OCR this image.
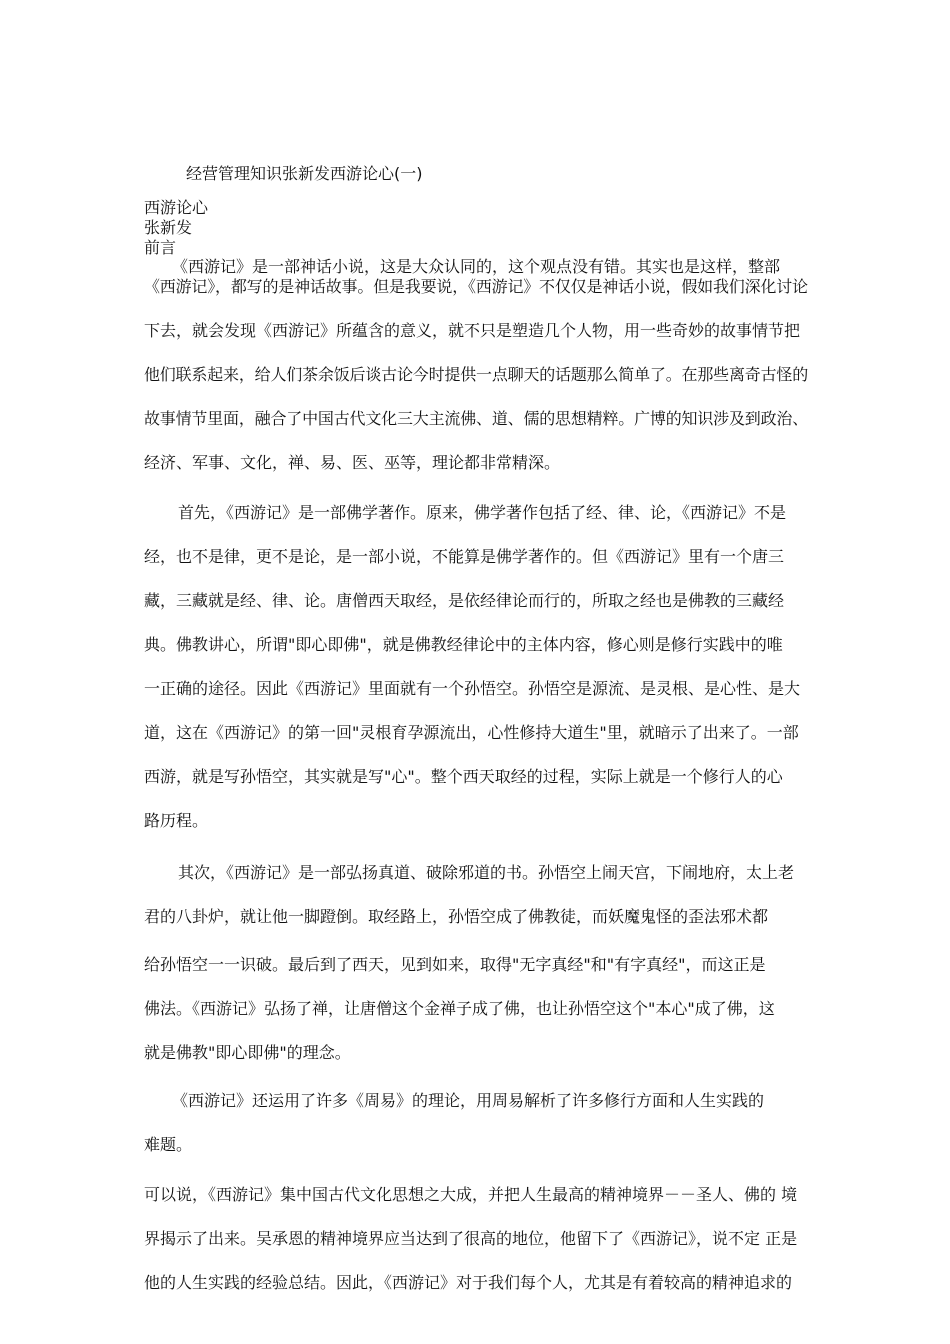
经营管理知识张新发西游论心(一)
西游论心
张新发
前言
《西游记》是一部神话小说，这是大众认同的，这个观点没有错。其实也是这样，整部
《西游记》，都写的是神话故事。但是我要说，《西游记》不仅仅是神话小说，假如我们深化讨论
下去，就会发现《西游记》所蕴含的意义，就不只是塑造几个人物，用一些奇妙的故事情节把
他们联系起来，给人们茶余饭后谈古论今时提供一点聊天的话题那么简单了。在那些离奇古怪的
故事情节里面，融合了中国古代文化三大主流佛、道、儒的思想精粹。广博的知识涉及到政治、
经济、军事、文化，禅、易、医、巫等，理论都非常精深。
首先，《西游记》是一部佛学著作。原来，佛学著作包括了经、律、论，《西游记》不是
经，也不是律，更不是论，是一部小说，不能算是佛学著作的。但《西游记》里有一个唐三
藏，三藏就是经、律、论。唐僧西天取经，是依经律论而行的，所取之经也是佛教的三藏经
典。佛教讲心，所谓"即心即佛"，就是佛教经律论中的主体内容，修心则是修行实践中的唯
一正确的途径。因此《西游记》里面就有一个孙悟空。孙悟空是源流、是灵根、是心性、是大
道，这在《西游记》的第一回"灵根育孕源流出，心性修持大道生"里，就暗示了出来了。一部
西游，就是写孙悟空，其实就是写"心"。整个西天取经的过程，实际上就是一个修行人的心
路历程。
其次，《西游记》是一部弘扬真道、破除邪道的书。孙悟空上闹天宫，下闹地府，太上老
君的八卦炉，就让他一脚蹬倒。取经路上，孙悟空成了佛教徒，而妖魔鬼怪的歪法邪术都
给孙悟空一一识破。最后到了西天，见到如来，取得"无字真经"和"有字真经"，而这正是
佛法。《西游记》弘扬了禅，让唐僧这个金禅子成了佛，也让孙悟空这个"本心"成了佛，这
就是佛教"即心即佛"的理念。
《西游记》还运用了许多《周易》的理论，用周易解析了许多修行方面和人生实践的
难题。
可以说，《西游记》集中国古代文化思想之大成，并把人生最高的精神境界－－圣人、佛的 境
界揭示了出来。吴承恩的精神境界应当达到了很高的地位，他留下了《西游记》，说不定 正是
他的人生实践的经验总结。因此，《西游记》对于我们每个人，尤其是有着较高的精神追求的
